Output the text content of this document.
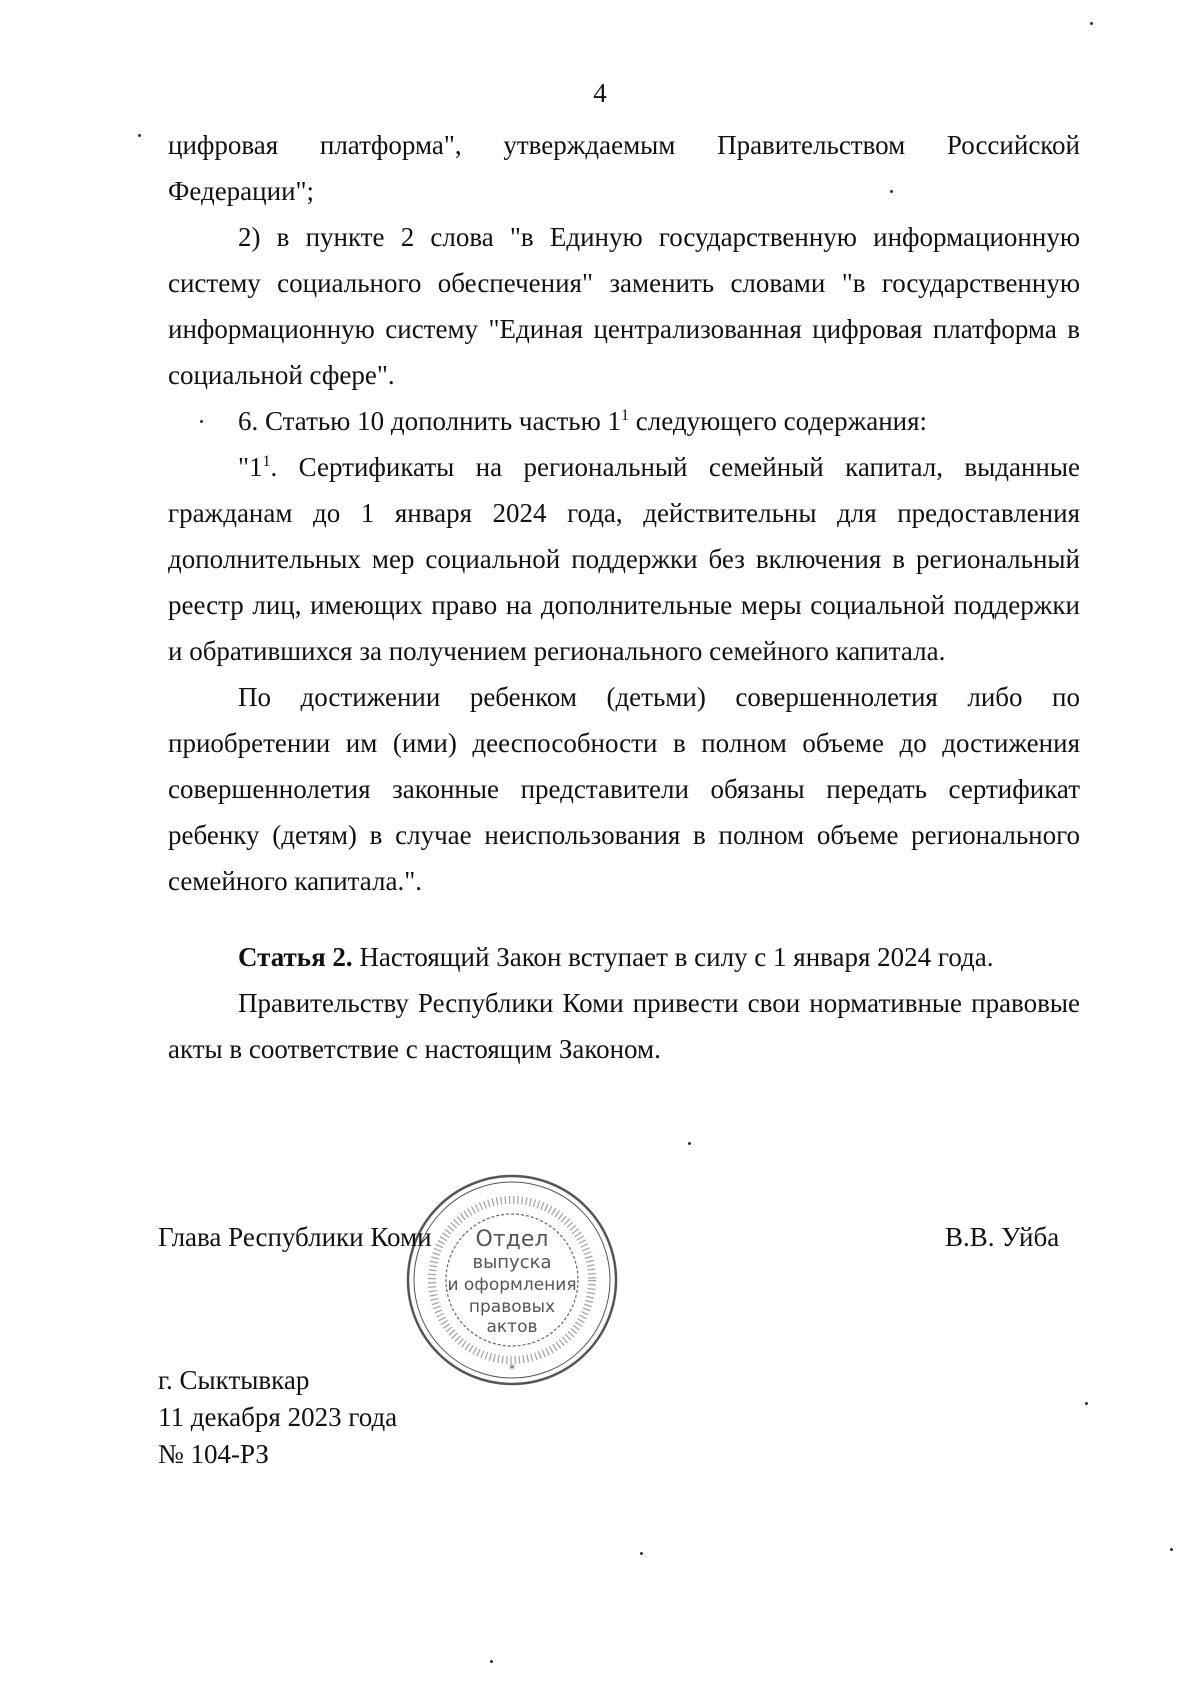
4

цифровая платформа", утверждаемым Правительством Российской Федерации";

2) в пункте 2 слова "в Единую государственную информационную систему социального обеспечения" заменить словами "в государственную информационную систему "Единая централизованная цифровая платформа в социальной сфере".

6. Статью 10 дополнить частью $1^1$ следующего содержания:

"$1^1$. Сертификаты на региональный семейный капитал, выданные гражданам до 1 января 2024 года, действительны для предоставления дополнительных мер социальной поддержки без включения в региональный реестр лиц, имеющих право на дополнительные меры социальной поддержки и обратившихся за получением регионального семейного капитала.

По достижении ребенком (детьми) совершеннолетия либо по приобретении им (ими) дееспособности в полном объеме до достижения совершеннолетия законные представители обязаны передать сертификат ребенку (детям) в случае неиспользования в полном объеме регионального семейного капитала.".

Статья 2. Настоящий Закон вступает в силу с 1 января 2024 года.

Правительству Республики Коми привести свои нормативные правовые акты в соответствие с настоящим Законом.

*
Отдел
выпуска
и оформления
правовых
актов
Глава Республики Коми	В.В. Уйба
г. Сыктывкар
11 декабря 2023 года
№ 104-РЗ
